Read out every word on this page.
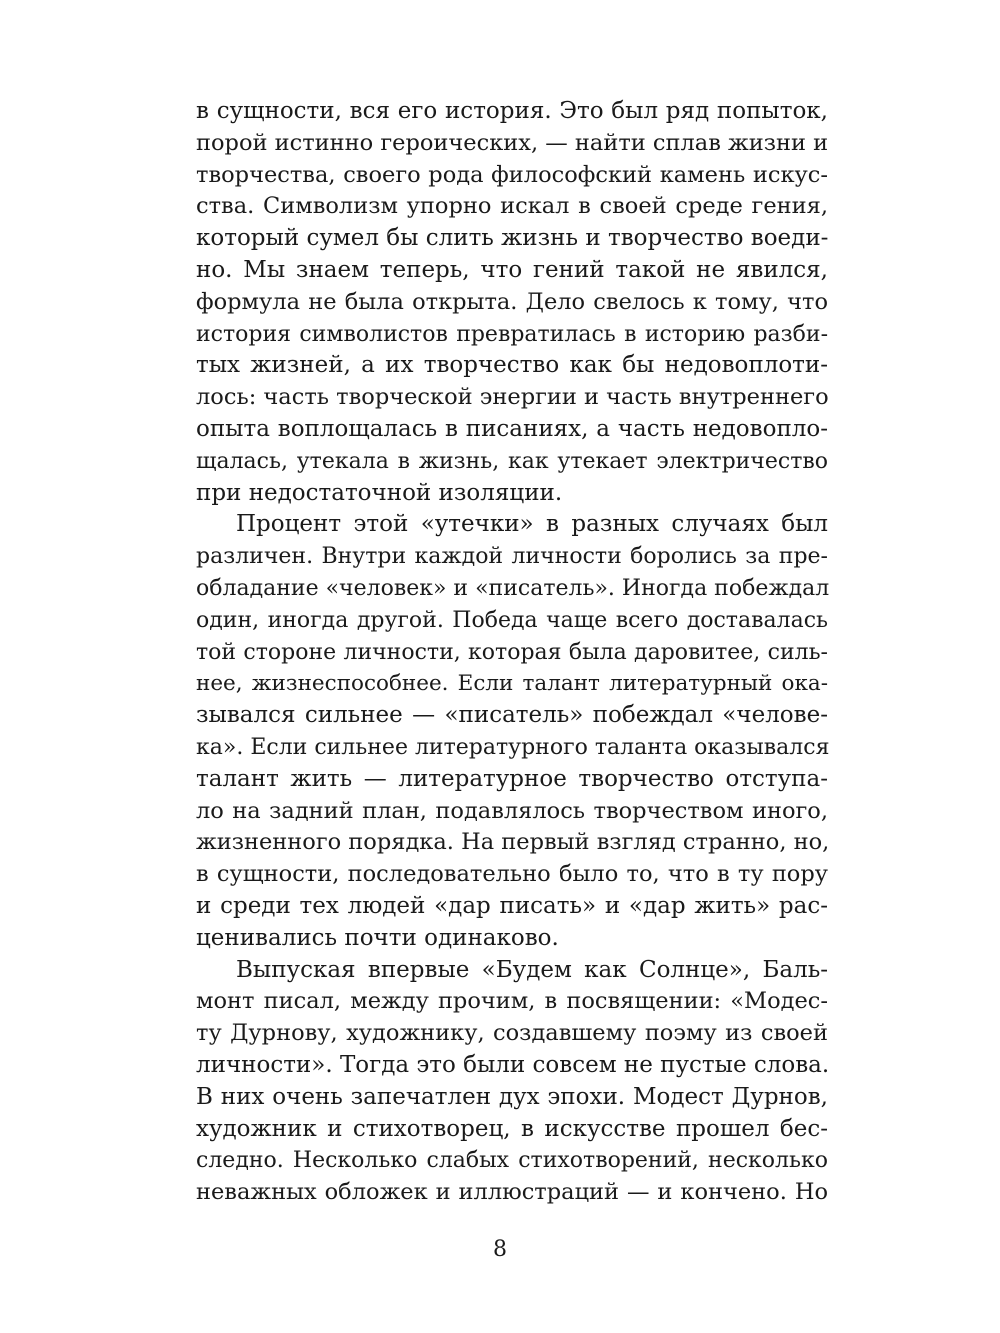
в сущности, вся его история. Это был ряд попыток,
порой истинно героических, — найти сплав жизни и
творчества, своего рода философский камень искус-
ства. Символизм упорно искал в своей среде гения,
который сумел бы слить жизнь и творчество воеди-
но. Мы знаем теперь, что гений такой не явился,
формула не была открыта. Дело свелось к тому, что
история символистов превратилась в историю разби-
тых жизней, а их творчество как бы недовоплоти-
лось: часть творческой энергии и часть внутреннего
опыта воплощалась в писаниях, а часть недовопло-
щалась, утекала в жизнь, как утекает электричество
при недостаточной изоляции.
Процент этой «утечки» в разных случаях был
различен. Внутри каждой личности боролись за пре-
обладание «человек» и «писатель». Иногда побеждал
один, иногда другой. Победа чаще всего доставалась
той стороне личности, которая была даровитее, силь-
нее, жизнеспособнее. Если талант литературный ока-
зывался сильнее — «писатель» побеждал «челове-
ка». Если сильнее литературного таланта оказывался
талант жить — литературное творчество отступа-
ло на задний план, подавлялось творчеством иного,
жизненного порядка. На первый взгляд странно, но,
в сущности, последовательно было то, что в ту пору
и среди тех людей «дар писать» и «дар жить» рас-
ценивались почти одинаково.
Выпуская впервые «Будем как Солнце», Баль-
монт писал, между прочим, в посвящении: «Модес-
ту Дурнову, художнику, создавшему поэму из своей
личности». Тогда это были совсем не пустые слова.
В них очень запечатлен дух эпохи. Модест Дурнов,
художник и стихотворец, в искусстве прошел бес-
следно. Несколько слабых стихотворений, несколько
неважных обложек и иллюстраций — и кончено. Но
8
